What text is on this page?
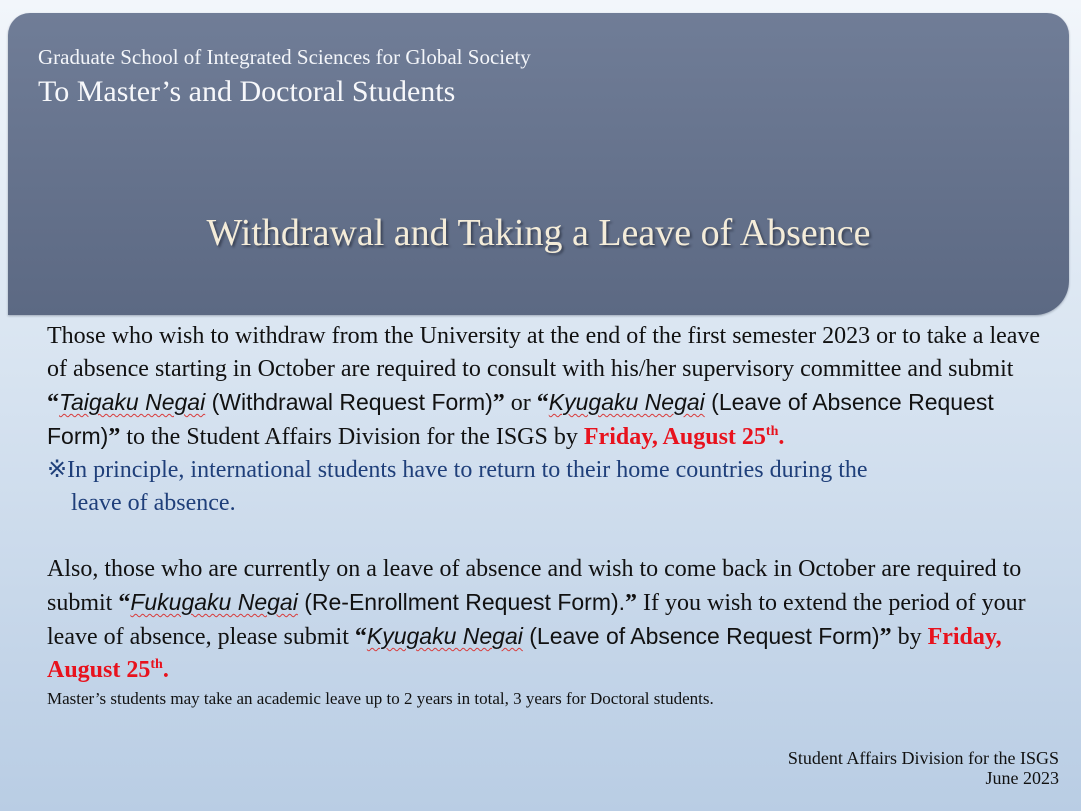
Graduate School of Integrated Sciences for Global Society
To Master’s and Doctoral Students
Withdrawal and Taking a Leave of Absence

Those who wish to withdraw from the University at the end of the first semester 2023 or to take a leave of absence starting in October are required to consult with his/her supervisory committee and submit “Taigaku Negai (Withdrawal Request Form)” or “Kyugaku Negai (Leave of Absence Request Form)” to the Student Affairs Division for the ISGS by Friday, August 25th.

※In principle, international students have to return to their home countries during the

leave of absence.

Also, those who are currently on a leave of absence and wish to come back in October are required to submit “Fukugaku Negai (Re-Enrollment Request Form).” If you wish to extend the period of your leave of absence, please submit “Kyugaku Negai (Leave of Absence Request Form)” by Friday, August 25th.

Master’s students may take an academic leave up to 2 years in total, 3 years for Doctoral students.

Student Affairs Division for the ISGS
June 2023
